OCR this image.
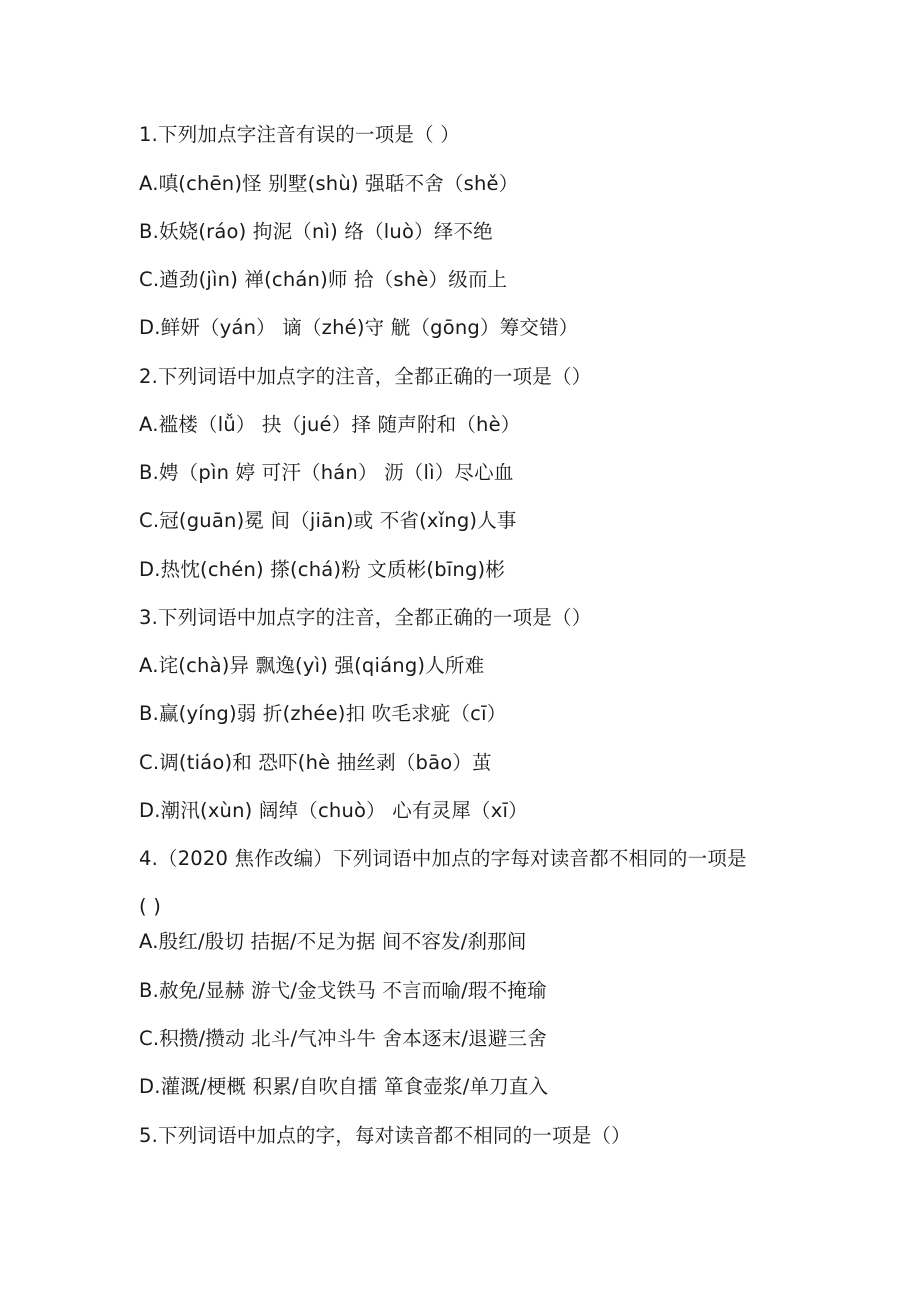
1.下列加点字注音有误的一项是（ ）
A.嗔(chēn)怪 别墅(shù) 强聒不舍（shě）
B.妖娆(ráo) 拘泥（nì) 络（luò）绎不绝
C.遒劲(jìn) 禅(chán)师 拾（shè）级而上
D.鲜妍（yán） 谪（zhé)守 觥（gōng）筹交错）
2.下列词语中加点字的注音，全都正确的一项是（）
A.褴楼（lǚ） 抉（jué）择 随声附和（hè）
B.娉（pìn 婷 可汗（hán） 沥（lì）尽心血
C.冠(guān)冕 间（jiān)或 不省(xǐng)人事
D.热忱(chén) 搽(chá)粉 文质彬(bīng)彬
3.下列词语中加点字的注音，全都正确的一项是（）
A.诧(chà)异 飘逸(yì) 强(qiáng)人所难
B.赢(yíng)弱 折(zhée)扣 吹毛求疵（cī）
C.调(tiáo)和 恐吓(hè 抽丝剥（bāo）茧
D.潮汛(xùn) 阔绰（chuò） 心有灵犀（xī）
4.（2020 焦作改编）下列词语中加点的字每对读音都不相同的一项是
( )
A.殷红/殷切 拮据/不足为据 间不容发/刹那间
B.赦免/显赫 游弋/金戈铁马 不言而喻/瑕不掩瑜
C.积攒/攒动 北斗/气冲斗牛 舍本逐末/退避三舍
D.灌溉/梗概 积累/自吹自擂 箪食壶浆/单刀直入
5.下列词语中加点的字，每对读音都不相同的一项是（）
